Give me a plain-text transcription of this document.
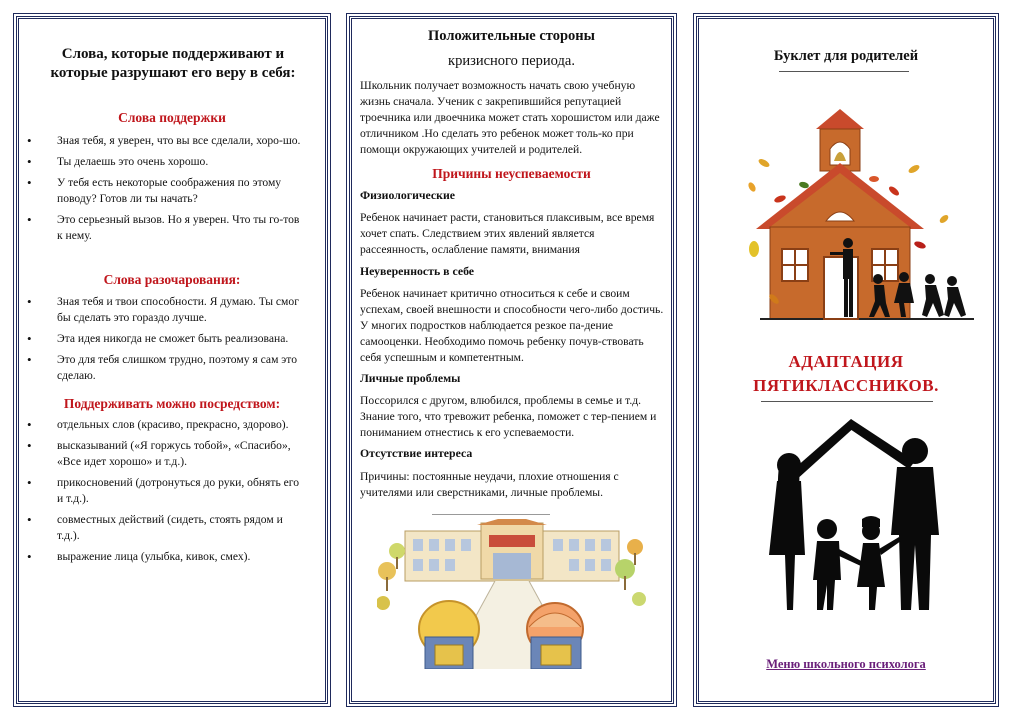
Слова, которые поддерживают и которые разрушают его веру в себя:
Слова поддержки
• Зная тебя, я уверен, что вы все сделали, хоро-шо.
• Ты делаешь это очень хорошо.
• У тебя есть некоторые соображения по этому поводу? Готов ли ты начать?
• Это серьезный вызов. Но я уверен. Что ты го-тов к нему.
Слова разочарования:
• Зная тебя и твои способности. Я думаю. Ты смог бы сделать это гораздо лучше.
• Эта идея никогда не сможет быть реализована.
• Это для тебя слишком трудно, поэтому я сам это сделаю.
Поддерживать можно посредством:
• отдельных слов (красиво, прекрасно, здорово).
• высказываний («Я горжусь тобой», «Спасибо», «Все идет хорошо» и т.д.).
• прикосновений (дотронуться до руки, обнять его и т.д.).
• совместных действий (сидеть, стоять рядом и т.д.).
• выражение лица (улыбка, кивок, смех).
Положительные стороны
кризисного периода.
Школьник получает возможность начать свою учебную жизнь сначала. Ученик с закрепившийся репутацией троечника или двоечника может стать хорошистом или даже отличником .Но сделать это ребенок может толь-ко при помощи окружающих учителей и родителей.
Причины неуспеваемости
Физиологические
Ребенок начинает расти, становиться плаксивым, все время хочет спать. Следствием этих явлений является рассеянность, ослабление памяти, внимания
Неуверенность в себе
Ребенок начинает критично относиться к себе и своим успехам, своей внешности и способности чего-либо достичь. У многих подростков наблюдается резкое па-дение самооценки. Необходимо помочь ребенку почув-ствовать себя успешным и компетентным.
Личные проблемы
Поссорился с другом, влюбился, проблемы в семье и т.д. Знание того, что тревожит ребенка, поможет с тер-пением и пониманием отнестись к его успеваемости.
Отсутствие интереса
Причины: постоянные неудачи, плохие отношения с учителями или сверстниками, личные проблемы.
Буклет для родителей
АДАПТАЦИЯ
ПЯТИКЛАССНИКОВ.
Меню школьного психолога
